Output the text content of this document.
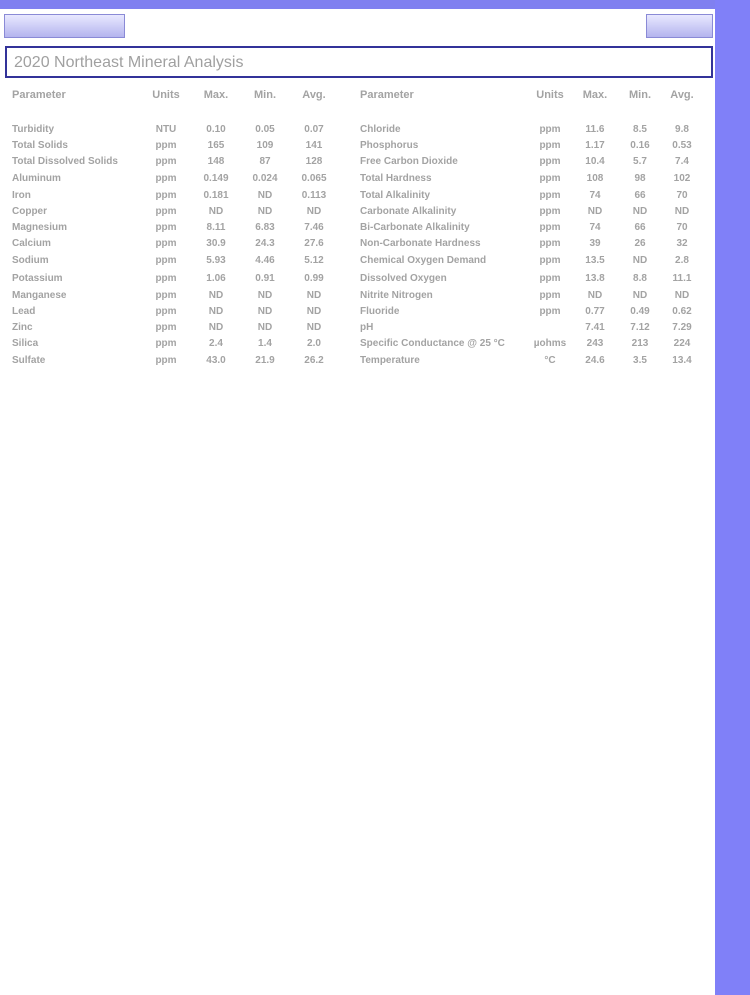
2020 Northeast Mineral Analysis
Parameter	Units	Max.	Min.	Avg.		Parameter	Units	Max.	Min.	Avg.

Turbidity	NTU	0.10	0.05	0.07		Chloride	ppm	11.6	8.5	9.8
Total Solids	ppm	165	109	141		Phosphorus	ppm	1.17	0.16	0.53
Total Dissolved Solids	ppm	148	87	128		Free Carbon Dioxide	ppm	10.4	5.7	7.4
Aluminum	ppm	0.149	0.024	0.065		Total Hardness	ppm	108	98	102
Iron	ppm	0.181	ND	0.113		Total Alkalinity	ppm	74	66	70
Copper	ppm	ND	ND	ND		Carbonate Alkalinity	ppm	ND	ND	ND
Magnesium	ppm	8.11	6.83	7.46		Bi-Carbonate Alkalinity	ppm	74	66	70
Calcium	ppm	30.9	24.3	27.6		Non-Carbonate Hardness	ppm	39	26	32
Sodium	ppm	5.93	4.46	5.12		Chemical Oxygen Demand	ppm	13.5	ND	2.8
Potassium	ppm	1.06	0.91	0.99		Dissolved Oxygen	ppm	13.8	8.8	11.1
Manganese	ppm	ND	ND	ND		Nitrite Nitrogen	ppm	ND	ND	ND
Lead	ppm	ND	ND	ND		Fluoride	ppm	0.77	0.49	0.62
Zinc	ppm	ND	ND	ND		pH		7.41	7.12	7.29
Silica	ppm	2.4	1.4	2.0		Specific Conductance @ 25 °C	µohms	243	213	224
Sulfate	ppm	43.0	21.9	26.2		Temperature	°C	24.6	3.5	13.4
